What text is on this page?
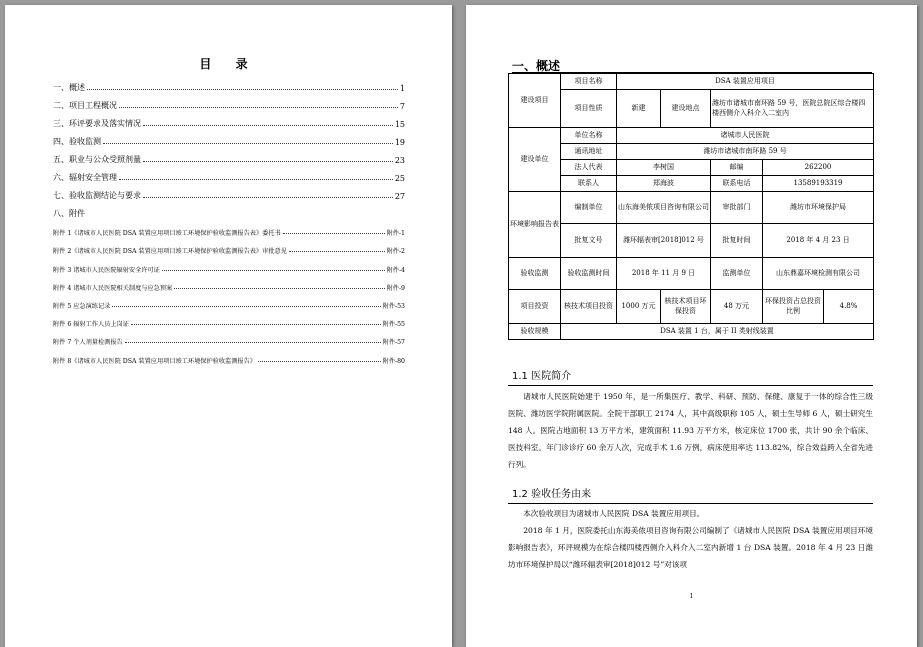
目 录
一、概述	1
二、项目工程概况	7
三、环评要求及落实情况	15
四、验收监测	19
五、职业与公众受照剂量	23
六、辐射安全管理	25
七、验收监测结论与要求	27
八、附件
附件 1《诸城市人民医院 DSA 装置应用项目竣工环境保护验收监测报告表》委托书	附件-1
附件 2《诸城市人民医院 DSA 装置应用项目竣工环境保护验收监测报告表》审批意见	附件-2
附件 3 诸城市人民医院辐射安全许可证	附件-4
附件 4 诸城市人民医院相关制度与应急预案	附件-9
附件 5 应急演练记录	附件-53
附件 6 辐射工作人员上岗证	附件-55
附件 7 个人剂量检测报告	附件-57
附件 8《诸城市人民医院 DSA 装置应用项目竣工环境保护验收监测报告》	附件-80
一、概述
建设项目	项目名称	DSA 装置应用项目				
	项目性质	新建	建设地点	潍坊市诸城市南环路 59 号，医院总院区综合楼四楼西侧介入科介入二室内		
建设单位	单位名称	诸城市人民医院				
	通讯地址	潍坊市诸城市南环路 59 号				
	法人代表	李树国		邮编	262200	
	联系人	郑海波		联系电话	13589193319	
环境影响报告表	编制单位	山东海美侬项目咨询有限公司		审批部门	潍坊市环境保护局	
	批复文号	潍环辐表审[2018]012 号		批复时间	2018 年 4 月 23 日	
验收监测	验收监测时间	2018 年 11 月 9 日		监测单位	山东鼎嘉环境检测有限公司	
项目投资	核技术项目投资	1000 万元	核技术项目环保投资	48 万元	环保投资占总投资比例	4.8%
验收规模	DSA 装置 1 台，属于 II 类射线装置					
1.1 医院简介
诸城市人民医院始建于 1950 年，是一所集医疗、教学、科研、预防、保健、康复于一体的综合性三级医院、潍坊医学院附属医院。全院干部职工 2174 人，其中高级职称 105 人，硕士生导师 6 人，硕士研究生 148 人。医院占地面积 13 万平方米，建筑面积 11.93 万平方米，核定床位 1700 张，共计 90 余个临床、医技科室。年门诊诊疗 60 余万人次，完成手术 1.6 万例，病床使用率达 113.82%，综合效益跨入全省先进行列。
1.2 验收任务由来
本次验收项目为诸城市人民医院 DSA 装置应用项目。
2018 年 1 月，医院委托山东海美侬项目咨询有限公司编制了《诸城市人民医院 DSA 装置应用项目环境影响报告表》，环评规模为在综合楼四楼西侧介入科介入二室内新增 1 台 DSA 装置。2018 年 4 月 23 日潍坊市环境保护局以“潍环辐表审[2018]012 号”对该项
1
